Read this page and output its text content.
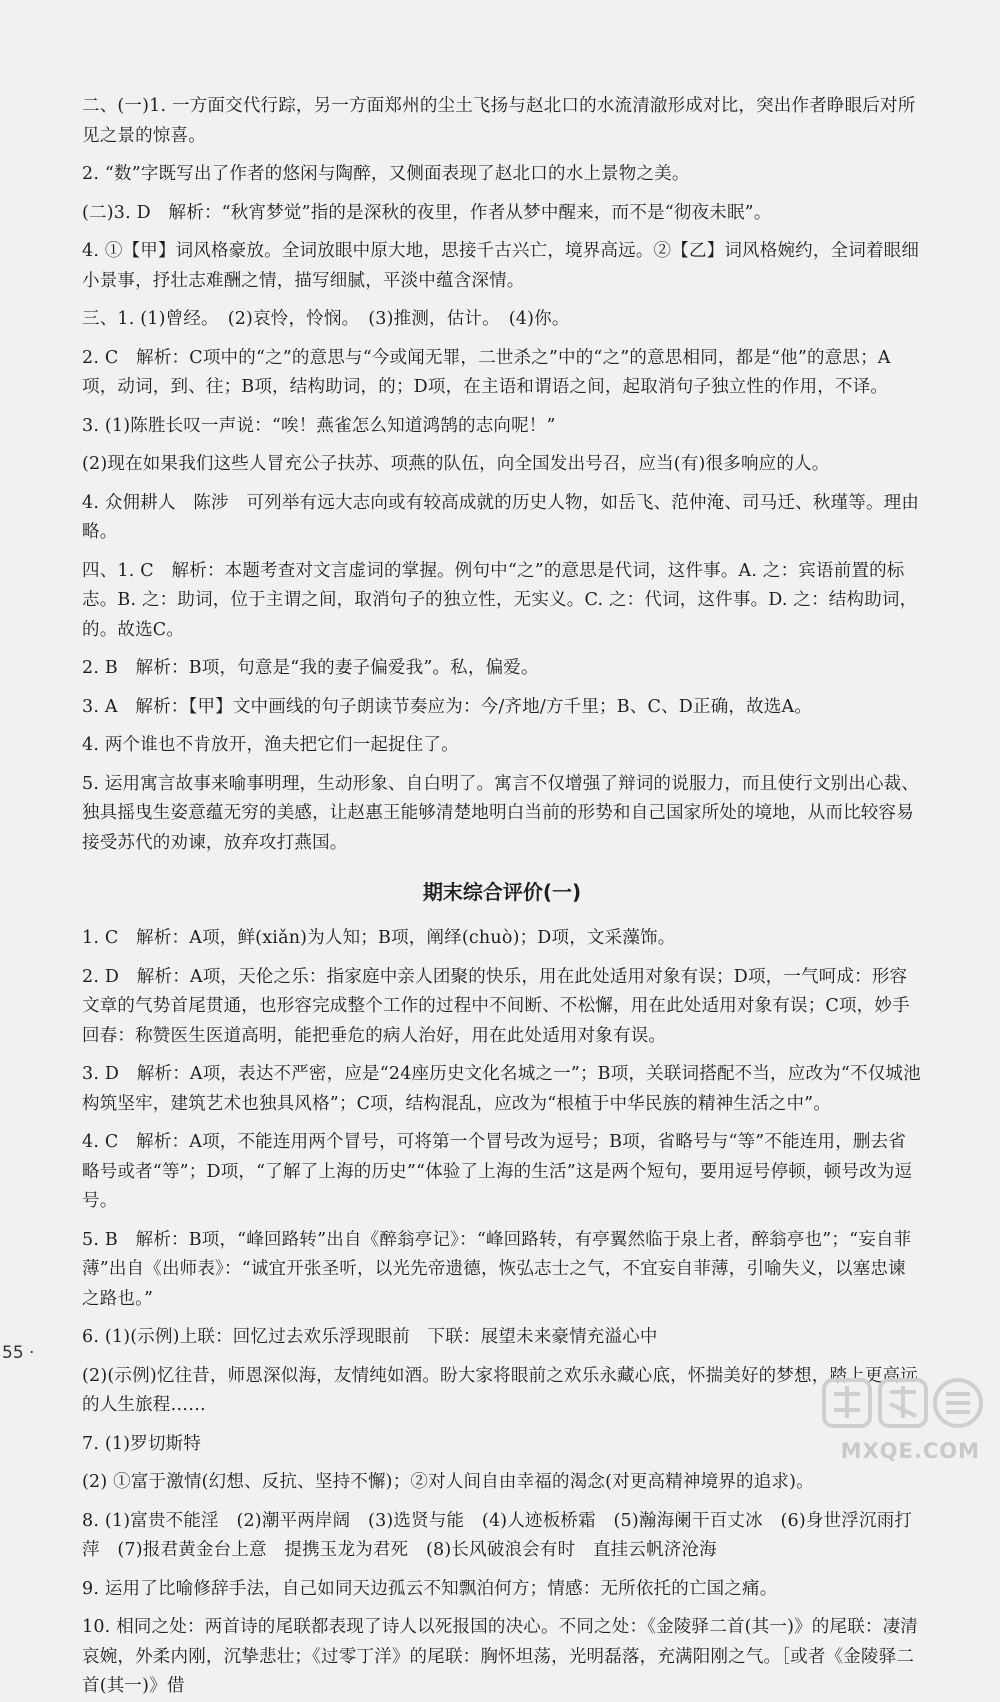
二、(一)1. 一方面交代行踪，另一方面郑州的尘土飞扬与赵北口的水流清澈形成对比，突出作者睁眼后对所见之景的惊喜。

2. “数”字既写出了作者的悠闲与陶醉，又侧面表现了赵北口的水上景物之美。

(二)3. D　解析：“秋宵梦觉”指的是深秋的夜里，作者从梦中醒来，而不是“彻夜未眠”。

4. ①【甲】词风格豪放。全词放眼中原大地，思接千古兴亡，境界高远。②【乙】词风格婉约，全词着眼细小景事，抒壮志难酬之情，描写细腻，平淡中蕴含深情。

三、1. (1)曾经。　(2)哀怜，怜悯。　(3)推测，估计。　(4)你。

2. C　解析：C项中的“之”的意思与“今或闻无罪，二世杀之”中的“之”的意思相同，都是“他”的意思；A项，动词，到、往；B项，结构助词，的；D项，在主语和谓语之间，起取消句子独立性的作用，不译。

3. (1)陈胜长叹一声说：“唉！燕雀怎么知道鸿鹄的志向呢！”

(2)现在如果我们这些人冒充公子扶苏、项燕的队伍，向全国发出号召，应当(有)很多响应的人。

4. 众佣耕人　陈涉　可列举有远大志向或有较高成就的历史人物，如岳飞、范仲淹、司马迁、秋瑾等。理由略。

四、1. C　解析：本题考查对文言虚词的掌握。例句中“之”的意思是代词，这件事。A. 之：宾语前置的标志。B. 之：助词，位于主谓之间，取消句子的独立性，无实义。C. 之：代词，这件事。D. 之：结构助词，的。故选C。

2. B　解析：B项，句意是“我的妻子偏爱我”。私，偏爱。

3. A　解析：【甲】文中画线的句子朗读节奏应为：今/齐地/方千里；B、C、D正确，故选A。

4. 两个谁也不肯放开，渔夫把它们一起捉住了。

5. 运用寓言故事来喻事明理，生动形象、自白明了。寓言不仅增强了辩词的说服力，而且使行文别出心裁、独具摇曳生姿意蕴无穷的美感，让赵惠王能够清楚地明白当前的形势和自己国家所处的境地，从而比较容易接受苏代的劝谏，放弃攻打燕国。

期末综合评价(一)

1. C　解析：A项，鲜(xiǎn)为人知；B项，阐绎(chuò)；D项，文采藻饰。

2. D　解析：A项，天伦之乐：指家庭中亲人团聚的快乐，用在此处适用对象有误；D项，一气呵成：形容文章的气势首尾贯通，也形容完成整个工作的过程中不间断、不松懈，用在此处适用对象有误；C项，妙手回春：称赞医生医道高明，能把垂危的病人治好，用在此处适用对象有误。

3. D　解析：A项，表达不严密，应是“24座历史文化名城之一”；B项，关联词搭配不当，应改为“不仅城池构筑坚牢，建筑艺术也独具风格”；C项，结构混乱，应改为“根植于中华民族的精神生活之中”。

4. C　解析：A项，不能连用两个冒号，可将第一个冒号改为逗号；B项，省略号与“等”不能连用，删去省略号或者“等”；D项，“了解了上海的历史”“体验了上海的生活”这是两个短句，要用逗号停顿，顿号改为逗号。

5. B　解析：B项，“峰回路转”出自《醉翁亭记》：“峰回路转，有亭翼然临于泉上者，醉翁亭也”；“妄自菲薄”出自《出师表》：“诚宜开张圣听，以光先帝遗德，恢弘志士之气，不宜妄自菲薄，引喻失义，以塞忠谏之路也。”

6. (1)(示例)上联：回忆过去欢乐浮现眼前　下联：展望未来豪情充溢心中

(2)(示例)忆往昔，师恩深似海，友情纯如酒。盼大家将眼前之欢乐永藏心底，怀揣美好的梦想，踏上更高远的人生旅程……

7. (1)罗切斯特

(2) ①富于激情(幻想、反抗、坚持不懈)；②对人间自由幸福的渴念(对更高精神境界的追求)。

8. (1)富贵不能淫　(2)潮平两岸阔　(3)选贤与能　(4)人迹板桥霜　(5)瀚海阑干百丈冰　(6)身世浮沉雨打萍　(7)报君黄金台上意　提携玉龙为君死　(8)长风破浪会有时　直挂云帆济沧海

9. 运用了比喻修辞手法，自己如同天边孤云不知飘泊何方；情感：无所依托的亡国之痛。

10. 相同之处：两首诗的尾联都表现了诗人以死报国的决心。不同之处：《金陵驿二首(其一)》的尾联：凄清哀婉，外柔内刚，沉挚悲壮；《过零丁洋》的尾联：胸怀坦荡，光明磊落，充满阳刚之气。［或者《金陵驿二首(其一)》借

55 ·
MXQE.COM
